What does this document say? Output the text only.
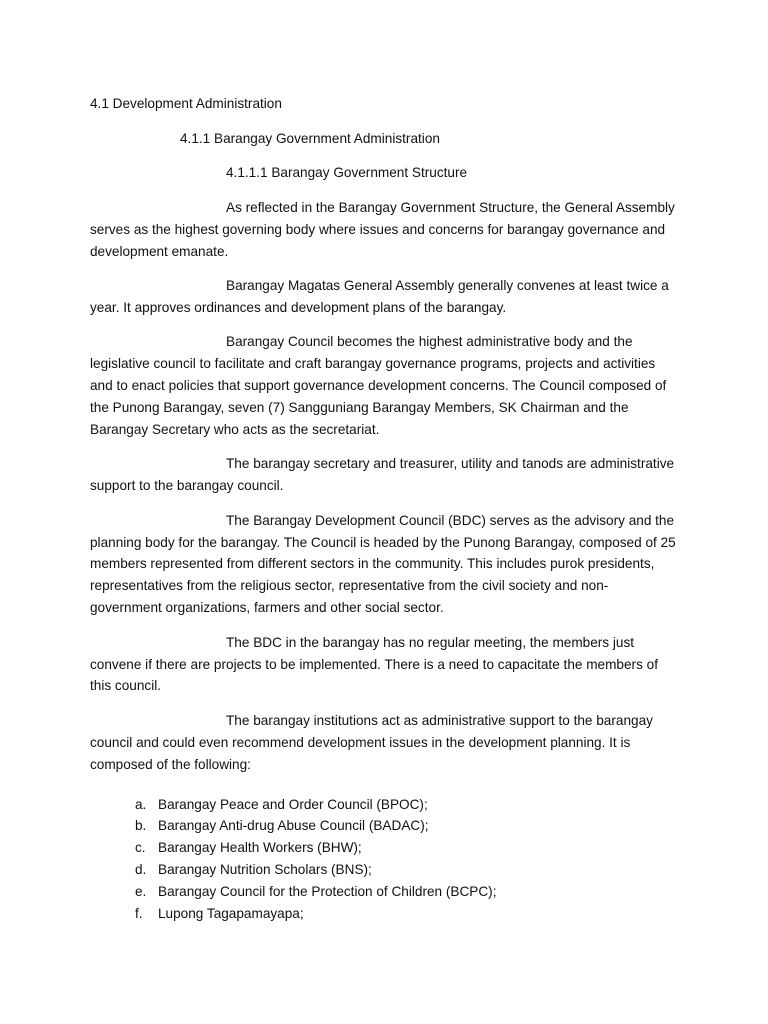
4.1 Development Administration
4.1.1 Barangay Government Administration
4.1.1.1 Barangay Government Structure

As reflected in the Barangay Government Structure, the General Assembly serves as the highest governing body where issues and concerns for barangay governance and development emanate.

Barangay Magatas General Assembly generally convenes at least twice a year. It approves ordinances and development plans of the barangay.

Barangay Council becomes the highest administrative body and the legislative council to facilitate and craft barangay governance programs, projects and activities and to enact policies that support governance development concerns. The Council composed of the Punong Barangay, seven (7) Sangguniang Barangay Members, SK Chairman and the Barangay Secretary who acts as the secretariat.

The barangay secretary and treasurer, utility and tanods are administrative support to the barangay council.

The Barangay Development Council (BDC) serves as the advisory and the planning body for the barangay. The Council is headed by the Punong Barangay, composed of 25 members represented from different sectors in the community. This includes purok presidents, representatives from the religious sector, representative from the civil society and non-government organizations, farmers and other social sector.

The BDC in the barangay has no regular meeting, the members just convene if there are projects to be implemented. There is a need to capacitate the members of this council.

The barangay institutions act as administrative support to the barangay council and could even recommend development issues in the development planning. It is composed of the following:

a. Barangay Peace and Order Council (BPOC);
b. Barangay Anti-drug Abuse Council (BADAC);
c. Barangay Health Workers (BHW);
d. Barangay Nutrition Scholars (BNS);
e. Barangay Council for the Protection of Children (BCPC);
f.	Lupong Tagapamayapa;
